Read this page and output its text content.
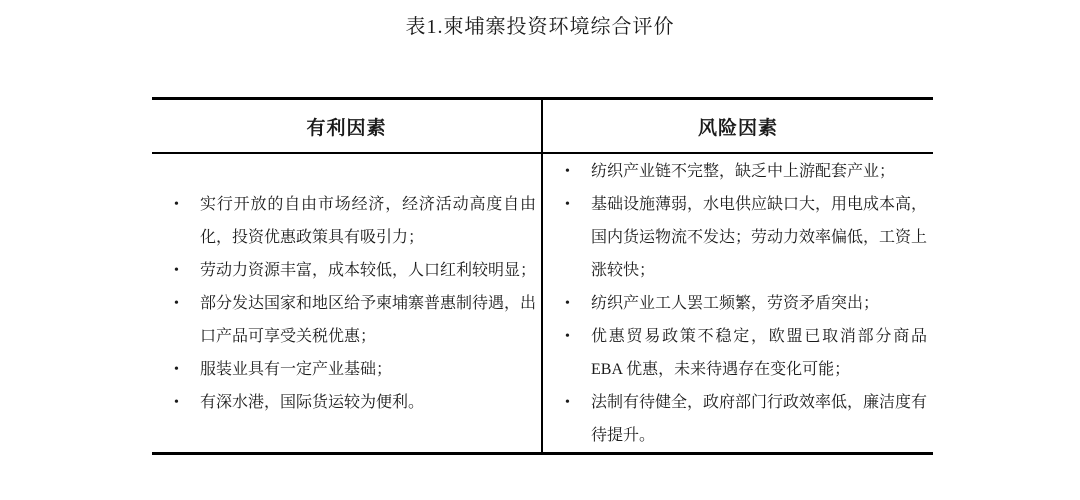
表1.柬埔寨投资环境综合评价
有利因素	风险因素
• 实行开放的自由市场经济，经济活动高度自由化，投资优惠政策具有吸引力；
• 劳动力资源丰富，成本较低，人口红利较明显；
• 部分发达国家和地区给予柬埔寨普惠制待遇，出口产品可享受关税优惠；
• 服装业具有一定产业基础；
• 有深水港，国际货运较为便利。
• 纺织产业链不完整，缺乏中上游配套产业；
• 基础设施薄弱，水电供应缺口大，用电成本高，国内货运物流不发达；劳动力效率偏低，工资上涨较快；
• 纺织产业工人罢工频繁，劳资矛盾突出；
• 优惠贸易政策不稳定，欧盟已取消部分商品 EBA 优惠，未来待遇存在变化可能；
• 法制有待健全，政府部门行政效率低，廉洁度有待提升。
